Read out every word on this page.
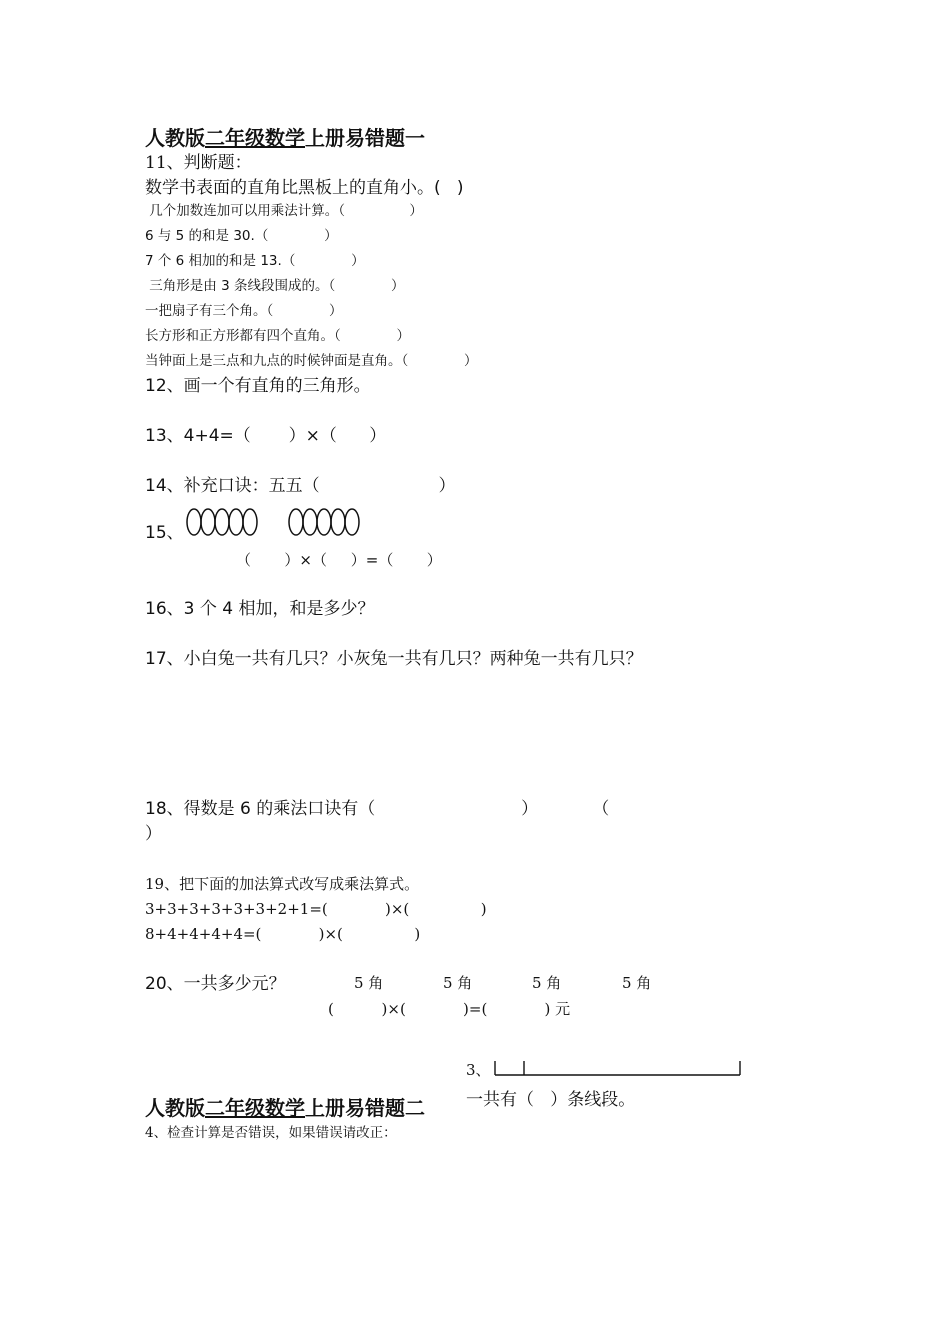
人教版二年级数学上册易错题一
11、判断题：
数学书表面的直角比黑板上的直角小。(   )
几个加数连加可以用乘法计算。（               ）
6 与 5 的和是 30.（             ）
7 个 6 相加的和是 13.（             ）
三角形是由 3 条线段围成的。（             ）
一把扇子有三个角。（             ）
长方形和正方形都有四个直角。（             ）
当钟面上是三点和九点的时候钟面是直角。（             ）
12、画一个有直角的三角形。
13、4+4=（       ）×（      ）
14、补充口诀：五五（                      ）
15、
（       ）×（     ）=（       ）
16、3 个 4 相加，和是多少？
17、小白兔一共有几只？小灰兔一共有几只？两种兔一共有几只？
18、得数是 6 的乘法口诀有（                           ）          （
）
19、把下面的加法算式改写成乘法算式。
3+3+3+3+3+3+2+1=(            )×(               )
8+4+4+4+4=(            )×(               )
20、一共多少元？	5 角	5 角	5 角	5 角
(          )×(            )=(            ) 元
3、
一共有（   ）条线段。
人教版二年级数学上册易错题二
4、检查计算是否错误，如果错误请改正：
